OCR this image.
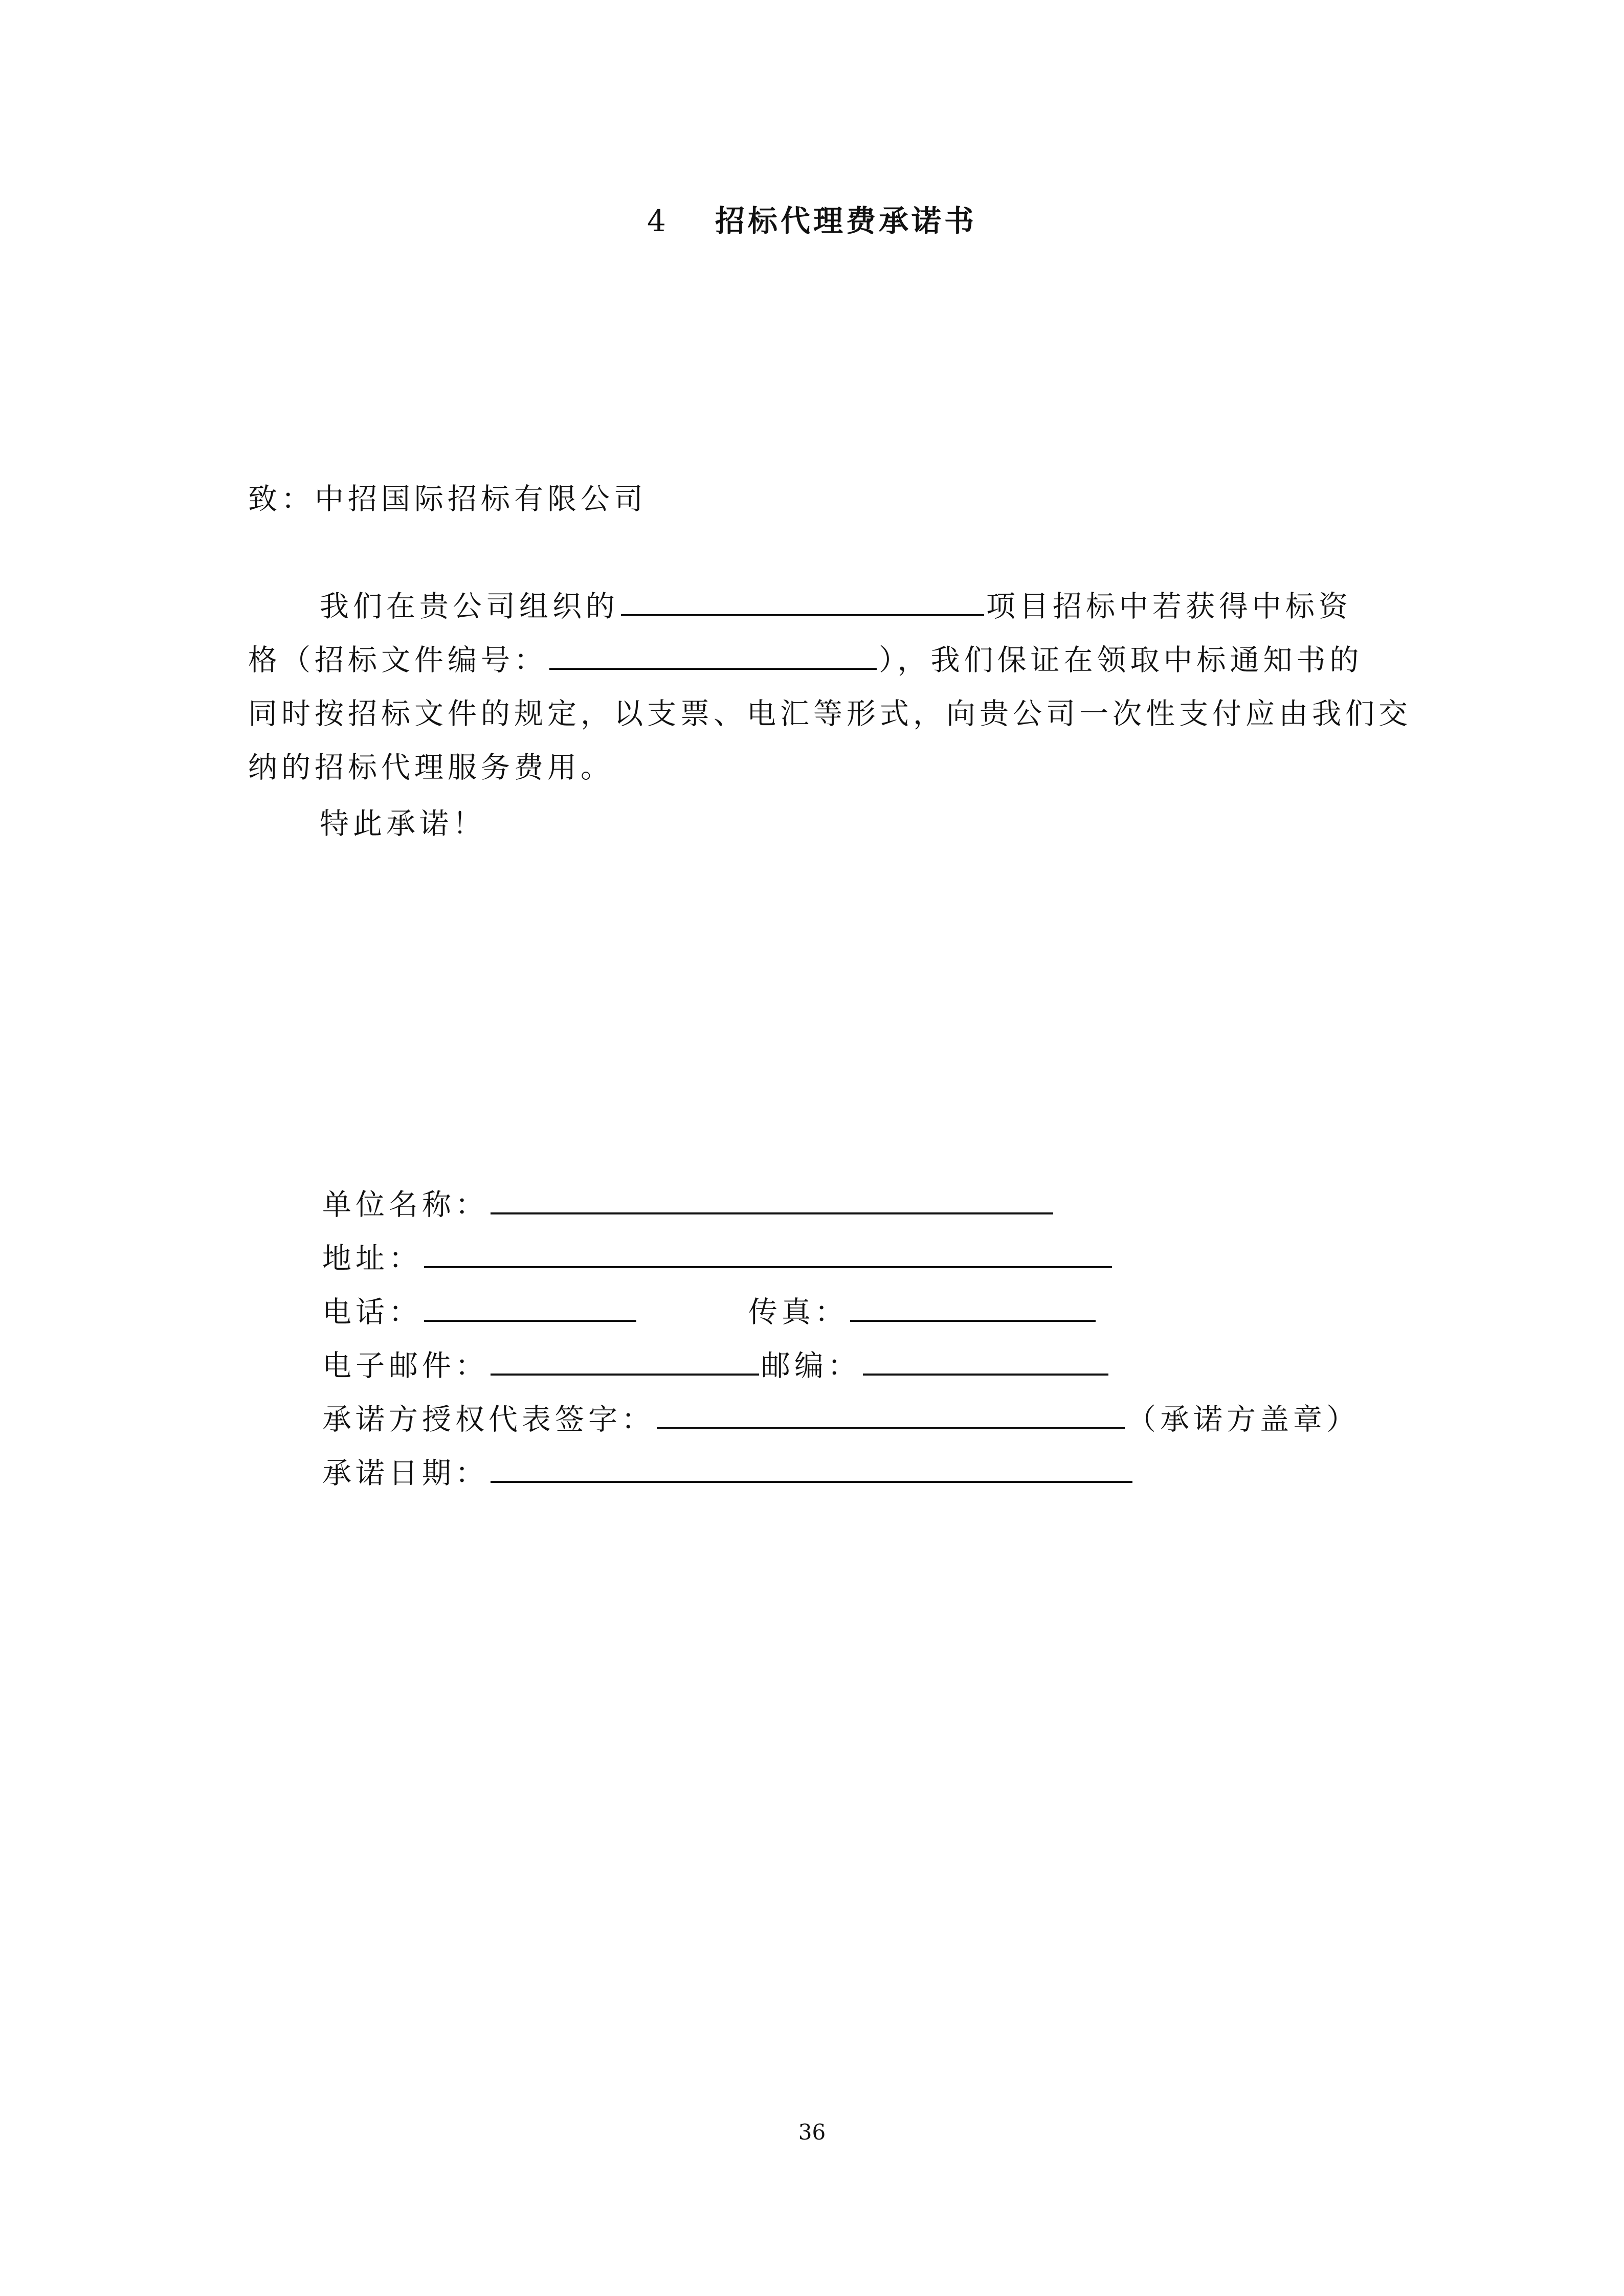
4 招标代理费承诺书
致：中招国际招标有限公司
我们在贵公司组织的	项目招标中若获得中标资
格（招标文件编号：	），我们保证在领取中标通知书的
同时按招标文件的规定，以支票、电汇等形式，向贵公司一次性支付应由我们交
纳的招标代理服务费用。
特此承诺！
单位名称：
地址：
电话：	传真：
电子邮件：	邮编：
承诺方授权代表签字：	（承诺方盖章）
承诺日期：
36
